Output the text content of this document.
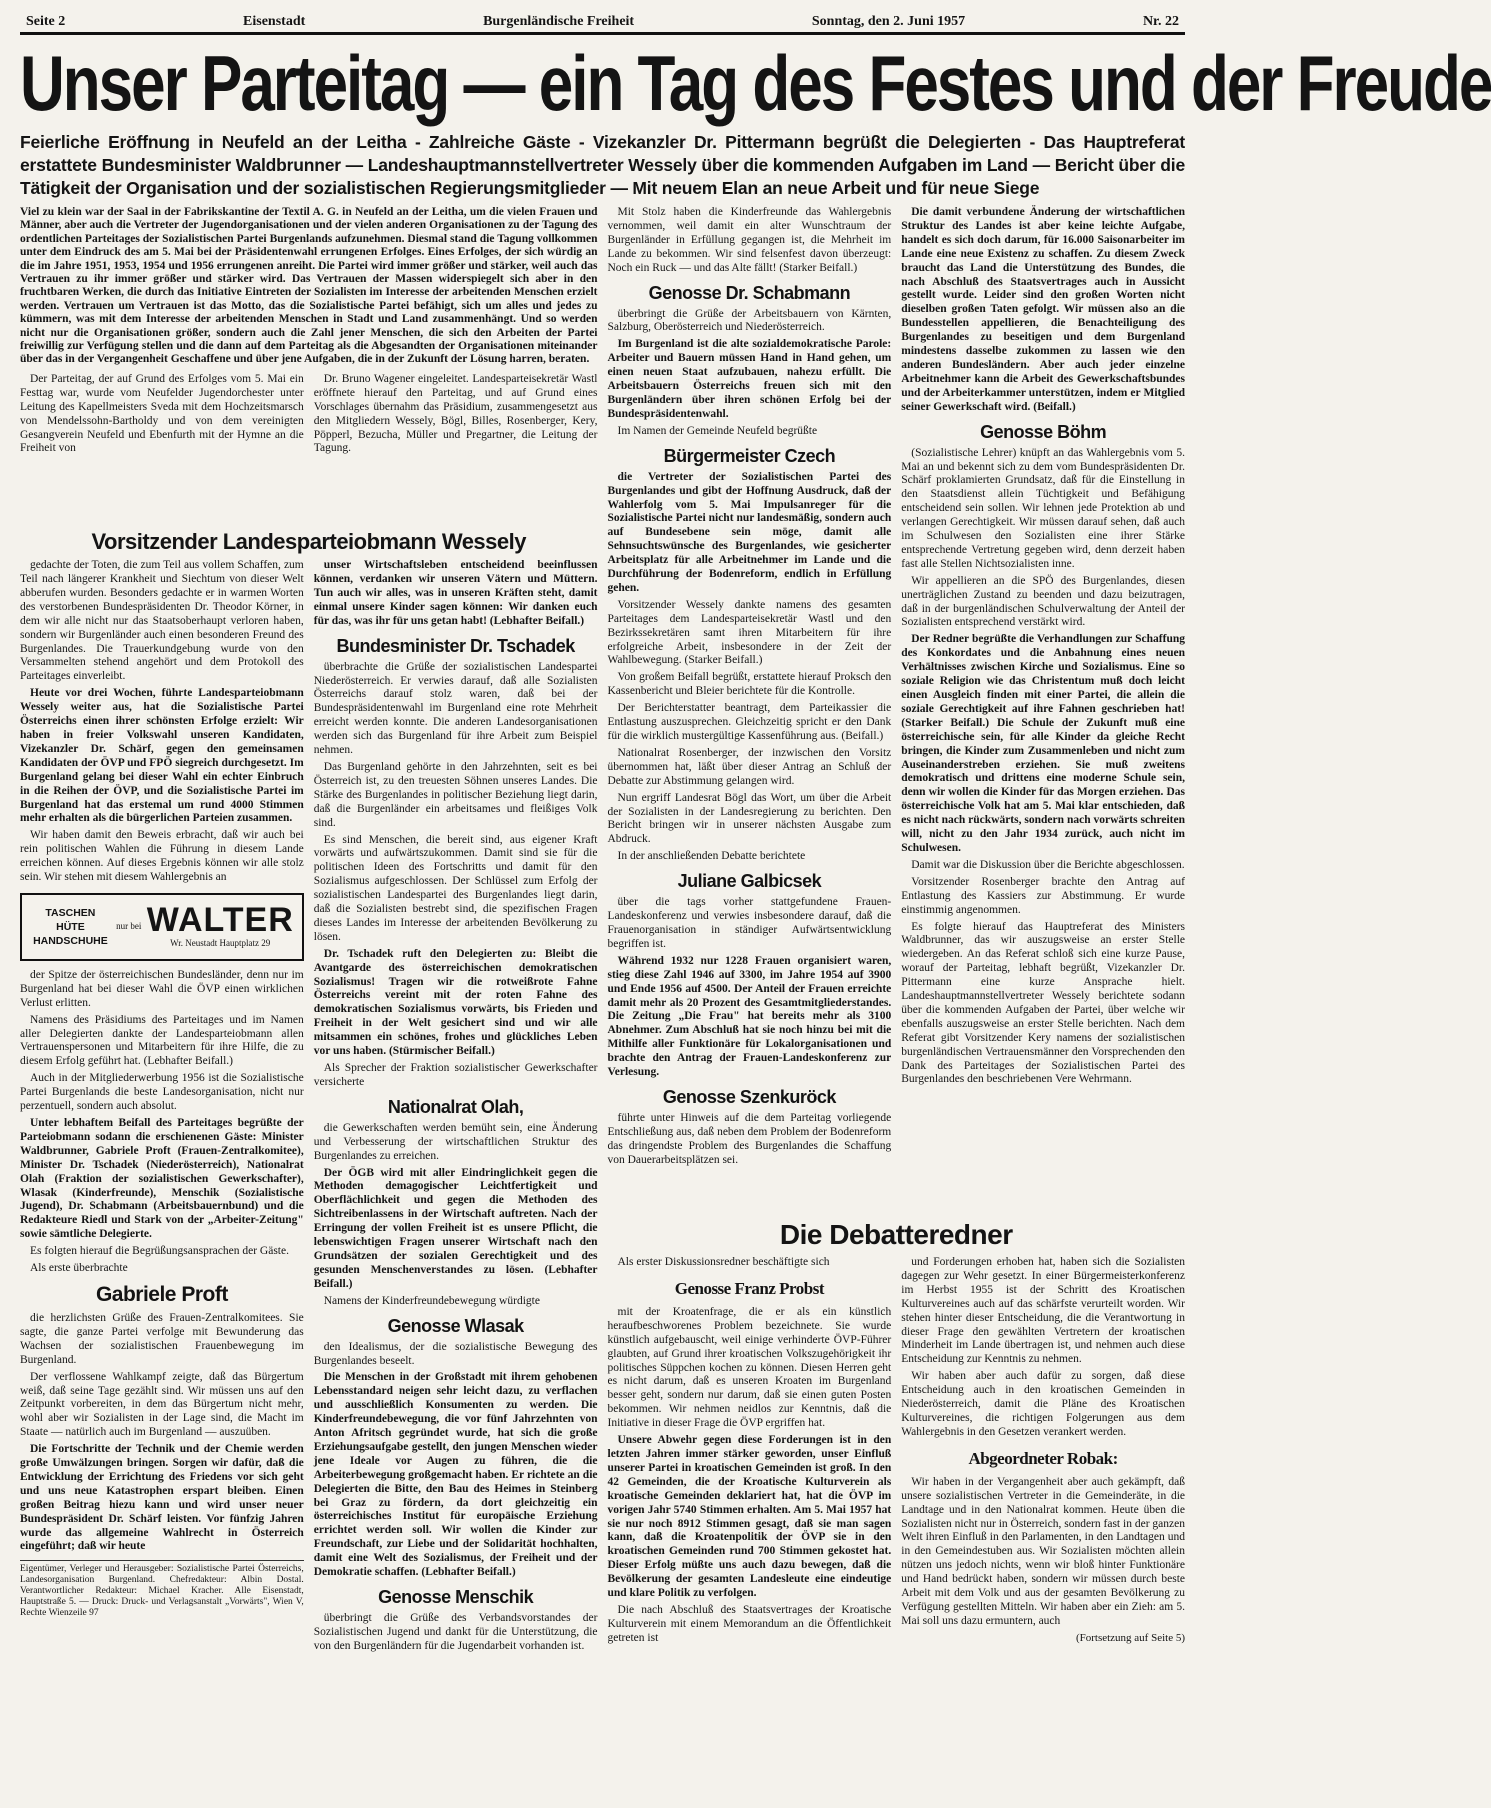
Seite 2	Eisenstadt	Burgenländische Freiheit	Sonntag, den 2. Juni 1957	Nr. 22
Unser Parteitag — ein Tag des Festes und der Freude
Feierliche Eröffnung in Neufeld an der Leitha - Zahlreiche Gäste - Vizekanzler Dr. Pittermann begrüßt die Delegierten - Das Hauptreferat erstattete Bundesminister Waldbrunner — Landeshauptmannstellvertreter Wessely über die kommenden Aufgaben im Land — Bericht über die Tätigkeit der Organisation und der sozialistischen Regierungsmitglieder — Mit neuem Elan an neue Arbeit und für neue Siege
Viel zu klein war der Saal in der Fabrikskantine der Textil A. G. in Neufeld an der Leitha, um die vielen Frauen und Männer, aber auch die Vertreter der Jugendorganisationen und der vielen anderen Organisationen zu der Tagung des ordentlichen Parteitages der Sozialistischen Partei Burgenlands aufzunehmen. Diesmal stand die Tagung vollkommen unter dem Eindruck des am 5. Mai bei der Präsidentenwahl errungenen Erfolges. Eines Erfolges, der sich würdig an die im Jahre 1951, 1953, 1954 und 1956 errungenen anreiht. Die Partei wird immer größer und stärker, weil auch das Vertrauen zu ihr immer größer und stärker wird. Das Vertrauen der Massen widerspiegelt sich aber in den fruchtbaren Werken, die durch das Initiative Eintreten der Sozialisten im Interesse der arbeitenden Menschen erzielt werden. Vertrauen um Vertrauen ist das Motto, das die Sozialistische Partei befähigt, sich um alles und jedes zu kümmern, was mit dem Interesse der arbeitenden Menschen in Stadt und Land zusammenhängt. Und so werden nicht nur die Organisationen größer, sondern auch die Zahl jener Menschen, die sich den Arbeiten der Partei freiwillig zur Verfügung stellen und die dann auf dem Parteitag als die Abgesandten der Organisationen miteinander über das in der Vergangenheit Geschaffene und über jene Aufgaben, die in der Zukunft der Lösung harren, beraten.

Der Parteitag, der auf Grund des Erfolges vom 5. Mai ein Festtag war, wurde vom Neufelder Jugendorchester unter Leitung des Kapellmeisters Sveda mit dem Hochzeitsmarsch von Mendelssohn-Bartholdy und von dem vereinigten Gesangverein Neufeld und Ebenfurth mit der Hymne an die Freiheit von

Dr. Bruno Wagener eingeleitet. Landesparteisekretär Wastl eröffnete hierauf den Parteitag, und auf Grund eines Vorschlages übernahm das Präsidium, zusammengesetzt aus den Mitgliedern Wessely, Bögl, Billes, Rosenberger, Kery, Pöpperl, Bezucha, Müller und Pregartner, die Leitung der Tagung.

Vorsitzender Landesparteiobmann Wessely

gedachte der Toten, die zum Teil aus vollem Schaffen, zum Teil nach längerer Krankheit und Siechtum von dieser Welt abberufen wurden. Besonders gedachte er in warmen Worten des verstorbenen Bundespräsidenten Dr. Theodor Körner, in dem wir alle nicht nur das Staatsoberhaupt verloren haben, sondern wir Burgenländer auch einen besonderen Freund des Burgenlandes. Die Trauerkundgebung wurde von den Versammelten stehend angehört und dem Protokoll des Parteitages einverleibt.

Heute vor drei Wochen, führte Landesparteiobmann Wessely weiter aus, hat die Sozialistische Partei Österreichs einen ihrer schönsten Erfolge erzielt: Wir haben in freier Volkswahl unseren Kandidaten, Vizekanzler Dr. Schärf, gegen den gemeinsamen Kandidaten der ÖVP und FPÖ siegreich durchgesetzt. Im Burgenland gelang bei dieser Wahl ein echter Einbruch in die Reihen der ÖVP, und die Sozialistische Partei im Burgenland hat das erstemal um rund 4000 Stimmen mehr erhalten als die bürgerlichen Parteien zusammen.

Wir haben damit den Beweis erbracht, daß wir auch bei rein politischen Wahlen die Führung in diesem Lande erreichen können. Auf dieses Ergebnis können wir alle stolz sein. Wir stehen mit diesem Wahlergebnis an

TASCHEN
HÜTE
HANDSCHUHE
nur bei WALTER
Wr. Neustadt Hauptplatz 29

der Spitze der österreichischen Bundesländer, denn nur im Burgenland hat bei dieser Wahl die ÖVP einen wirklichen Verlust erlitten.

Namens des Präsidiums des Parteitages und im Namen aller Delegierten dankte der Landesparteiobmann allen Vertrauenspersonen und Mitarbeitern für ihre Hilfe, die zu diesem Erfolg geführt hat. (Lebhafter Beifall.)

Auch in der Mitgliederwerbung 1956 ist die Sozialistische Partei Burgenlands die beste Landesorganisation, nicht nur perzentuell, sondern auch absolut.

Unter lebhaftem Beifall des Parteitages begrüßte der Parteiobmann sodann die erschienenen Gäste: Minister Waldbrunner, Gabriele Proft (Frauen-Zentralkomitee), Minister Dr. Tschadek (Niederösterreich), Nationalrat Olah (Fraktion der sozialistischen Gewerkschafter), Wlasak (Kinderfreunde), Menschik (Sozialistische Jugend), Dr. Schabmann (Arbeitsbauernbund) und die Redakteure Riedl und Stark von der „Arbeiter-Zeitung" sowie sämtliche Delegierte.

Es folgten hierauf die Begrüßungsansprachen der Gäste.

Als erste überbrachte

Gabriele Proft

die herzlichsten Grüße des Frauen-Zentralkomitees. Sie sagte, die ganze Partei verfolge mit Bewunderung das Wachsen der sozialistischen Frauenbewegung im Burgenland.

Der verflossene Wahlkampf zeigte, daß das Bürgertum weiß, daß seine Tage gezählt sind. Wir müssen uns auf den Zeitpunkt vorbereiten, in dem das Bürgertum nicht mehr, wohl aber wir Sozialisten in der Lage sind, die Macht im Staate — natürlich auch im Burgenland — auszuüben.

Die Fortschritte der Technik und der Chemie werden große Umwälzungen bringen. Sorgen wir dafür, daß die Entwicklung der Errichtung des Friedens vor sich geht und uns neue Katastrophen erspart bleiben. Einen großen Beitrag hiezu kann und wird unser neuer Bundespräsident Dr. Schärf leisten. Vor fünfzig Jahren wurde das allgemeine Wahlrecht in Österreich eingeführt; daß wir heute

Eigentümer, Verleger und Herausgeber: Sozialistische Partei Österreichs, Landesorganisation Burgenland. Chefredakteur: Albin Dostal. Verantwortlicher Redakteur: Michael Kracher. Alle Eisenstadt, Hauptstraße 5. — Druck: Druck- und Verlagsanstalt „Vorwärts", Wien V, Rechte Wienzeile 97

unser Wirtschaftsleben entscheidend beeinflussen können, verdanken wir unseren Vätern und Müttern. Tun auch wir alles, was in unseren Kräften steht, damit einmal unsere Kinder sagen können: Wir danken euch für das, was ihr für uns getan habt! (Lebhafter Beifall.)

Bundesminister Dr. Tschadek

überbrachte die Grüße der sozialistischen Landespartei Niederösterreich. Er verwies darauf, daß alle Sozialisten Österreichs darauf stolz waren, daß bei der Bundespräsidentenwahl im Burgenland eine rote Mehrheit erreicht werden konnte. Die anderen Landesorganisationen werden sich das Burgenland für ihre Arbeit zum Beispiel nehmen.

Das Burgenland gehörte in den Jahrzehnten, seit es bei Österreich ist, zu den treuesten Söhnen unseres Landes. Die Stärke des Burgenlandes in politischer Beziehung liegt darin, daß die Burgenländer ein arbeitsames und fleißiges Volk sind.

Es sind Menschen, die bereit sind, aus eigener Kraft vorwärts und aufwärtszukommen. Damit sind sie für die politischen Ideen des Fortschritts und damit für den Sozialismus aufgeschlossen. Der Schlüssel zum Erfolg der sozialistischen Landespartei des Burgenlandes liegt darin, daß die Sozialisten bestrebt sind, die spezifischen Fragen dieses Landes im Interesse der arbeitenden Bevölkerung zu lösen.

Dr. Tschadek ruft den Delegierten zu: Bleibt die Avantgarde des österreichischen demokratischen Sozialismus! Tragen wir die rotweißrote Fahne Österreichs vereint mit der roten Fahne des demokratischen Sozialismus vorwärts, bis Frieden und Freiheit in der Welt gesichert sind und wir alle mitsammen ein schönes, frohes und glückliches Leben vor uns haben. (Stürmischer Beifall.)

Als Sprecher der Fraktion sozialistischer Gewerkschafter versicherte

Nationalrat Olah,

die Gewerkschaften werden bemüht sein, eine Änderung und Verbesserung der wirtschaftlichen Struktur des Burgenlandes zu erreichen.

Der ÖGB wird mit aller Eindringlichkeit gegen die Methoden demagogischer Leichtfertigkeit und Oberflächlichkeit und gegen die Methoden des Sichtreibenlassens in der Wirtschaft auftreten. Nach der Erringung der vollen Freiheit ist es unsere Pflicht, die lebenswichtigen Fragen unserer Wirtschaft nach den Grundsätzen der sozialen Gerechtigkeit und des gesunden Menschenverstandes zu lösen. (Lebhafter Beifall.)

Namens der Kinderfreundebewegung würdigte

Genosse Wlasak

den Idealismus, der die sozialistische Bewegung des Burgenlandes beseelt.

Die Menschen in der Großstadt mit ihrem gehobenen Lebensstandard neigen sehr leicht dazu, zu verflachen und ausschließlich Konsumenten zu werden. Die Kinderfreundebewegung, die vor fünf Jahrzehnten von Anton Afritsch gegründet wurde, hat sich die große Erziehungsaufgabe gestellt, den jungen Menschen wieder jene Ideale vor Augen zu führen, die die Arbeiterbewegung großgemacht haben. Er richtete an die Delegierten die Bitte, den Bau des Heimes in Steinberg bei Graz zu fördern, da dort gleichzeitig ein österreichisches Institut für europäische Erziehung errichtet werden soll. Wir wollen die Kinder zur Freundschaft, zur Liebe und der Solidarität hochhalten, damit eine Welt des Sozialismus, der Freiheit und der Demokratie schaffen. (Lebhafter Beifall.)

Genosse Menschik

überbringt die Grüße des Verbandsvorstandes der Sozialistischen Jugend und dankt für die Unterstützung, die von den Burgenländern für die Jugendarbeit vorhanden ist.

Mit Stolz haben die Kinderfreunde das Wahlergebnis vernommen, weil damit ein alter Wunschtraum der Burgenländer in Erfüllung gegangen ist, die Mehrheit im Lande zu bekommen. Wir sind felsenfest davon überzeugt: Noch ein Ruck — und das Alte fällt! (Starker Beifall.)

Genosse Dr. Schabmann

überbringt die Grüße der Arbeitsbauern von Kärnten, Salzburg, Oberösterreich und Niederösterreich.

Im Burgenland ist die alte sozialdemokratische Parole: Arbeiter und Bauern müssen Hand in Hand gehen, um einen neuen Staat aufzubauen, nahezu erfüllt. Die Arbeitsbauern Österreichs freuen sich mit den Burgenländern über ihren schönen Erfolg bei der Bundespräsidentenwahl.

Im Namen der Gemeinde Neufeld begrüßte

Bürgermeister Czech

die Vertreter der Sozialistischen Partei des Burgenlandes und gibt der Hoffnung Ausdruck, daß der Wahlerfolg vom 5. Mai Impulsanreger für die Sozialistische Partei nicht nur landesmäßig, sondern auch auf Bundesebene sein möge, damit alle Sehnsuchtswünsche des Burgenlandes, wie gesicherter Arbeitsplatz für alle Arbeitnehmer im Lande und die Durchführung der Bodenreform, endlich in Erfüllung gehen.

Vorsitzender Wessely dankte namens des gesamten Parteitages dem Landesparteisekretär Wastl und den Bezirkssekretären samt ihren Mitarbeitern für ihre erfolgreiche Arbeit, insbesondere in der Zeit der Wahlbewegung. (Starker Beifall.)

Von großem Beifall begrüßt, erstattete hierauf Proksch den Kassenbericht und Bleier berichtete für die Kontrolle.

Der Berichterstatter beantragt, dem Parteikassier die Entlastung auszusprechen. Gleichzeitig spricht er den Dank für die wirklich mustergültige Kassenführung aus. (Beifall.)

Nationalrat Rosenberger, der inzwischen den Vorsitz übernommen hat, läßt über dieser Antrag an Schluß der Debatte zur Abstimmung gelangen wird.

Nun ergriff Landesrat Bögl das Wort, um über die Arbeit der Sozialisten in der Landesregierung zu berichten. Den Bericht bringen wir in unserer nächsten Ausgabe zum Abdruck.

In der anschließenden Debatte berichtete

Juliane Galbicsek

über die tags vorher stattgefundene Frauen-Landeskonferenz und verwies insbesondere darauf, daß die Frauenorganisation in ständiger Aufwärtsentwicklung begriffen ist.

Während 1932 nur 1228 Frauen organisiert waren, stieg diese Zahl 1946 auf 3300, im Jahre 1954 auf 3900 und Ende 1956 auf 4500. Der Anteil der Frauen erreichte damit mehr als 20 Prozent des Gesamtmitgliederstandes. Die Zeitung „Die Frau" hat bereits mehr als 3100 Abnehmer. Zum Abschluß hat sie noch hinzu bei mit die Mithilfe aller Funktionäre für Lokalorganisationen und brachte den Antrag der Frauen-Landeskonferenz zur Verlesung.

Genosse Szenkuröck

führte unter Hinweis auf die dem Parteitag vorliegende Entschließung aus, daß neben dem Problem der Bodenreform das dringendste Problem des Burgenlandes die Schaffung von Dauerarbeitsplätzen sei.

Die damit verbundene Änderung der wirtschaftlichen Struktur des Landes ist aber keine leichte Aufgabe, handelt es sich doch darum, für 16.000 Saisonarbeiter im Lande eine neue Existenz zu schaffen. Zu diesem Zweck braucht das Land die Unterstützung des Bundes, die nach Abschluß des Staatsvertrages auch in Aussicht gestellt wurde. Leider sind den großen Worten nicht dieselben großen Taten gefolgt. Wir müssen also an die Bundesstellen appellieren, die Benachteiligung des Burgenlandes zu beseitigen und dem Burgenland mindestens dasselbe zukommen zu lassen wie den anderen Bundesländern. Aber auch jeder einzelne Arbeitnehmer kann die Arbeit des Gewerkschaftsbundes und der Arbeiterkammer unterstützen, indem er Mitglied seiner Gewerkschaft wird. (Beifall.)

Genosse Böhm

(Sozialistische Lehrer) knüpft an das Wahlergebnis vom 5. Mai an und bekennt sich zu dem vom Bundespräsidenten Dr. Schärf proklamierten Grundsatz, daß für die Einstellung in den Staatsdienst allein Tüchtigkeit und Befähigung entscheidend sein sollen. Wir lehnen jede Protektion ab und verlangen Gerechtigkeit. Wir müssen darauf sehen, daß auch im Schulwesen den Sozialisten eine ihrer Stärke entsprechende Vertretung gegeben wird, denn derzeit haben fast alle Stellen Nichtsozialisten inne.

Wir appellieren an die SPÖ des Burgenlandes, diesen unerträglichen Zustand zu beenden und dazu beizutragen, daß in der burgenländischen Schulverwaltung der Anteil der Sozialisten entsprechend verstärkt wird.

Der Redner begrüßte die Verhandlungen zur Schaffung des Konkordates und die Anbahnung eines neuen Verhältnisses zwischen Kirche und Sozialismus. Eine so soziale Religion wie das Christentum muß doch leicht einen Ausgleich finden mit einer Partei, die allein die soziale Gerechtigkeit auf ihre Fahnen geschrieben hat! (Starker Beifall.) Die Schule der Zukunft muß eine österreichische sein, für alle Kinder da gleiche Recht bringen, die Kinder zum Zusammenleben und nicht zum Auseinanderstreben erziehen. Sie muß zweitens demokratisch und drittens eine moderne Schule sein, denn wir wollen die Kinder für das Morgen erziehen. Das österreichische Volk hat am 5. Mai klar entschieden, daß es nicht nach rückwärts, sondern nach vorwärts schreiten will, nicht zu den Jahr 1934 zurück, auch nicht im Schulwesen.

Damit war die Diskussion über die Berichte abgeschlossen.

Vorsitzender Rosenberger brachte den Antrag auf Entlastung des Kassiers zur Abstimmung. Er wurde einstimmig angenommen.

Es folgte hierauf das Hauptreferat des Ministers Waldbrunner, das wir auszugsweise an erster Stelle wiedergeben. An das Referat schloß sich eine kurze Pause, worauf der Parteitag, lebhaft begrüßt, Vizekanzler Dr. Pittermann eine kurze Ansprache hielt. Landeshauptmannstellvertreter Wessely berichtete sodann über die kommenden Aufgaben der Partei, über welche wir ebenfalls auszugsweise an erster Stelle berichten. Nach dem Referat gibt Vorsitzender Kery namens der sozialistischen burgenländischen Vertrauensmänner den Vorsprechenden den Dank des Parteitages der Sozialistischen Partei des Burgenlandes den beschriebenen Vere Wehrmann.

Die Debatteredner

Als erster Diskussionsredner beschäftigte sich

Genosse Franz Probst

mit der Kroatenfrage, die er als ein künstlich heraufbeschworenes Problem bezeichnete. Sie wurde künstlich aufgebauscht, weil einige verhinderte ÖVP-Führer glaubten, auf Grund ihrer kroatischen Volkszugehörigkeit ihr politisches Süppchen kochen zu können. Diesen Herren geht es nicht darum, daß es unseren Kroaten im Burgenland besser geht, sondern nur darum, daß sie einen guten Posten bekommen. Wir nehmen neidlos zur Kenntnis, daß die Initiative in dieser Frage die ÖVP ergriffen hat.

Unsere Abwehr gegen diese Forderungen ist in den letzten Jahren immer stärker geworden, unser Einfluß unserer Partei in kroatischen Gemeinden ist groß. In den 42 Gemeinden, die der Kroatische Kulturverein als kroatische Gemeinden deklariert hat, hat die ÖVP im vorigen Jahr 5740 Stimmen erhalten. Am 5. Mai 1957 hat sie nur noch 8912 Stimmen gesagt, daß sie man sagen kann, daß die Kroatenpolitik der ÖVP sie in den kroatischen Gemeinden rund 700 Stimmen gekostet hat. Dieser Erfolg müßte uns auch dazu bewegen, daß die Bevölkerung der gesamten Landesleute eine eindeutige und klare Politik zu verfolgen.

Die nach Abschluß des Staatsvertrages der Kroatische Kulturverein mit einem Memorandum an die Öffentlichkeit getreten ist

und Forderungen erhoben hat, haben sich die Sozialisten dagegen zur Wehr gesetzt. In einer Bürgermeisterkonferenz im Herbst 1955 ist der Schritt des Kroatischen Kulturvereines auch auf das schärfste verurteilt worden. Wir stehen hinter dieser Entscheidung, die die Verantwortung in dieser Frage den gewählten Vertretern der kroatischen Minderheit im Lande übertragen ist, und nehmen auch diese Entscheidung zur Kenntnis zu nehmen.

Wir haben aber auch dafür zu sorgen, daß diese Entscheidung auch in den kroatischen Gemeinden in Niederösterreich, damit die Pläne des Kroatischen Kulturvereines, die richtigen Folgerungen aus dem Wahlergebnis in den Gesetzen verankert werden.

Abgeordneter Robak:

Wir haben in der Vergangenheit aber auch gekämpft, daß unsere sozialistischen Vertreter in die Gemeinderäte, in die Landtage und in den Nationalrat kommen. Heute üben die Sozialisten nicht nur in Österreich, sondern fast in der ganzen Welt ihren Einfluß in den Parlamenten, in den Landtagen und in den Gemeindestuben aus. Wir Sozialisten möchten allein nützen uns jedoch nichts, wenn wir bloß hinter Funktionäre und Hand bedrückt haben, sondern wir müssen durch beste Arbeit mit dem Volk und aus der gesamten Bevölkerung zu Verfügung gestellten Mitteln. Wir haben aber ein Zieh: am 5. Mai soll uns dazu ermuntern, auch

(Fortsetzung auf Seite 5)
